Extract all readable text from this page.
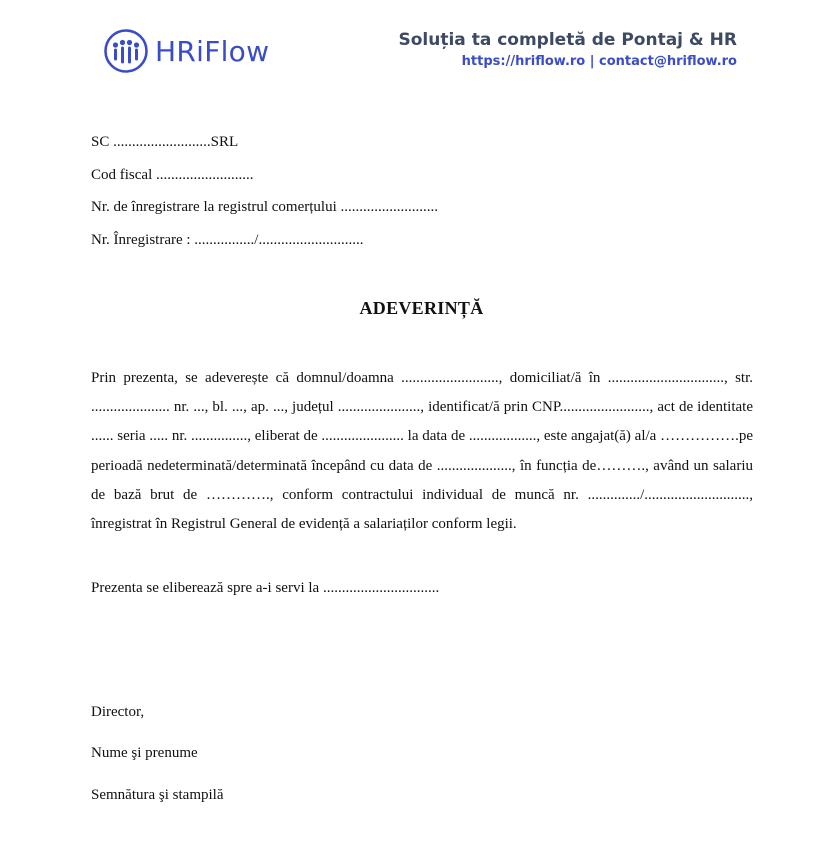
HRiFlow	Soluția ta completă de Pontaj & HR
https://hriflow.ro | contact@hriflow.ro
SC ..........................SRL
Cod fiscal ..........................
Nr. de înregistrare la registrul comerțului ..........................
Nr. Înregistrare : ................/............................
ADEVERINȚĂ
Prin prezenta, se adeverește că domnul/doamna .........................., domiciliat/ă în ..............................., str. ..................... nr. ..., bl. ..., ap. ..., județul ......................, identificat/ă prin CNP........................, act de identitate ...... seria ..... nr. ..............., eliberat de ...................... la data de .................., este angajat(ă) al/a …………….pe perioadă nedeterminată/determinată începând cu data de ...................., în funcția de………., având un salariu de bază brut de …………., conform contractului individual de muncă nr. ............../............................, înregistrat în Registrul General de evidență a salariaților conform legii.
Prezenta se eliberează spre a-i servi la ...............................
Director,
Nume şi prenume
Semnătura şi stampilă
